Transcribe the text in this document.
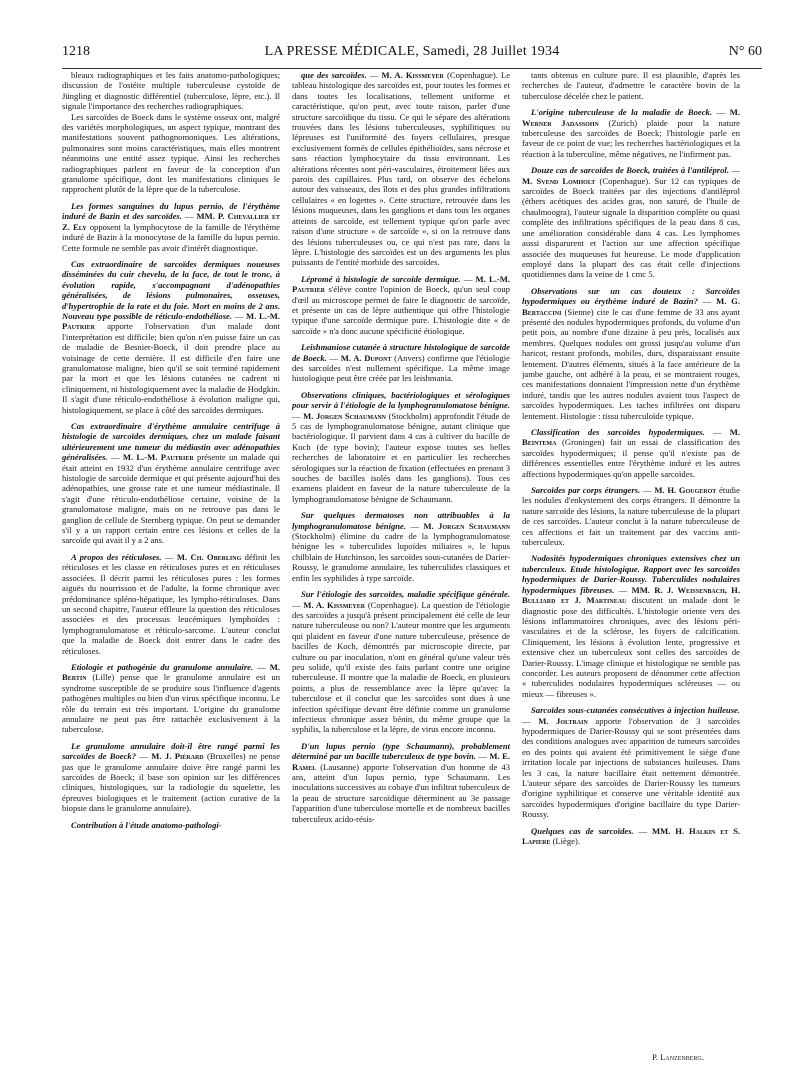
1218	LA PRESSE MÉDICALE, Samedi, 28 Juillet 1934	N° 60

bleaux radiographiques et les faits anatomo-pathologiques; discussion de l'ostéite multiple tuberculeuse cystoïde de Jüngling et diagnostic différentiel (tuberculose, lèpre, etc.). Il signale l'importance des recherches radiographiques.

Les sarcoïdes de Boeck dans le système osseux ont, malgré des variétés morphologiques, un aspect typique, montrant des manifestations souvent pathognomoniques. Les altérations, pulmonaires sont moins caractéristiques, mais elles montrent néanmoins une entité assez typique. Ainsi les recherches radiographiques parlent en faveur de la conception d'un granulome spécifique, dont les manifestations cliniques le rapprochent plutôt de la lèpre que de la tuberculose.

Les formes sanguines du lupus pernio, de l'érythème induré de Bazin et des sarcoïdes. — MM. P. Chevallier et Z. Ely opposent la lymphocytose de la famille de l'érythème induré de Bazin à la monocytose de la famille du lupus pernio. Cette formule ne semble pas avoir d'intérêt diagnostique.

Cas extraordinaire de sarcoïdes dermiques noueuses disséminées du cuir chevelu, de la face, de tout le tronc, à évolution rapide, s'accompagnant d'adénopathies généralisées, de lésions pulmonaires, osseuses, d'hypertrophie de la rate et du foie. Mort en moins de 2 ans. Nouveau type possible de réticulo-endothéliose. — M. L.-M. Pautrier apporte l'observation d'un malade dont l'interprétation est difficile; bien qu'on n'en puisse faire un cas de maladie de Besnier-Boeck, il doit prendre place au voisinage de cette dernière. Il est difficile d'en faire une granulomatose maligne, bien qu'il se soit terminé rapidement par la mort et que les lésions cutanées ne cadrent ni cliniquement, ni histologiquement avec la maladie de Hodgkin. Il s'agit d'une réticulo-endothéliose à évolution maligne qui, histologiquement, se place à côté des sarcoïdes dermiques.

Cas extraordinaire d'érythème annulaire centrifuge à histologie de sarcoïdes dermiques, chez un malade faisant ultérieurement une tumeur du médiastin avec adénopathies généralisées. — M. L.-M. Pautrier présente un malade qui était atteint en 1932 d'un érythème annulaire centrifuge avec histologie de sarcoïde dermique et qui présente aujourd'hui des adénopathies, une grosse rate et une tumeur médiastinale. Il s'agit d'une réticulo-endothéliose certaine, voisine de la granulomatose maligne, mais on ne retrouve pas dans le ganglion de cellule de Sternberg typique. On peut se demander s'il y a un rapport certain entre ces lésions et celles de la sarcoïde qui avait il y a 2 ans.

A propos des réticuloses. — M. Ch. Oberling définit les réticuloses et les classe en réticuloses pures et en réticuloses associées. Il décrit parmi les réticuloses pures : les formes aiguës du nourrisson et de l'adulte, la forme chronique avec prédominance spléno-hépatique, les lympho-réticuloses. Dans un second chapitre, l'auteur effleure la question des réticuloses associées et des processus leucémiques lymphoïdes : lymphogranulomatose et réticulo-sarcome. L'auteur conclut que la maladie de Boeck doit entrer dans le cadre des réticuloses.

Etiologie et pathogénie du granulome annulaire. — M. Bertin (Lille) pense que le granulome annulaire est un syndrome susceptible de se produire sous l'influence d'agents pathogènes multiples ou bien d'un virus spécifique inconnu. Le rôle du terrain est très important. L'origine du granulome annulaire ne peut pas être rattachée exclusivement à la tuberculose.

Le granulome annulaire doit-il être rangé parmi les sarcoïdes de Boeck? — M. J. Piérard (Bruxelles) ne pense pas que le granulome annulaire doive être rangé parmi les sarcoïdes de Boeck; il base son opinion sur les différences cliniques, histologiques, sur la radiologie du squelette, les épreuves biologiques et le traitement (action curative de la biopsie dans le granulome annulaire).

Contribution à l'étude anatomo-pathologi-

que des sarcoïdes. — M. A. Kissmeyer (Copenhague). Le tableau histologique des sarcoïdes est, pour toutes les formes et dans toutes les localisations, tellement uniforme et caractéristique, qu'on peut, avec toute raison, parler d'une structure sarcoïdique du tissu. Ce qui le sépare des altérations trouvées dans les lésions tuberculeuses, syphilitiques ou lépreuses est l'uniformité des foyers cellulaires, presque exclusivement formés de cellules épithélioïdes, sans nécrose et sans réaction lymphocytaire du tissu environnant. Les altérations récentes sont péri-vasculaires, étroitement liées aux parois des capillaires. Plus tard, on observe des échelons autour des vaisseaux, des îlots et des plus grandes infiltrations cellulaires « en logettes ». Cette structure, retrouvée dans les lésions muqueuses, dans les ganglions et dans tous les organes atteints de sarcoïde, est tellement typique qu'on parle avec raison d'une structure « de sarcoïde », si on la retrouve dans des lésions tuberculeuses ou, ce qui n'est pas rare, dans la lèpre. L'histologie des sarcoïdes est un des arguments les plus puissants de l'entité morbide des sarcoïdes.

Lépromé à histologie de sarcoïde dermique. — M. L.-M. Pautrier s'élève contre l'opinion de Boeck, qu'un seul coup d'œil au microscope permet de faire le diagnostic de sarcoïde, et présente un cas de lèpre authentique qui offre l'histologie typique d'une sarcoïde dermique pure. L'histologie dite « de sarcoïde » n'a donc aucune spécificité étiologique.

Leishmaniose cutanée à structure histologique de sarcoïde de Boeck. — M. A. Dupont (Anvers) confirme que l'étiologie des sarcoïdes n'est nullement spécifique. La même image histologique peut être créée par les leishmania.

Observations cliniques, bactériologiques et sérologiques pour servir à l'étiologie de la lymphogranulomatose bénigne. — M. Jorgen Schaumann (Stockholm) approfondit l'étude de 5 cas de lymphogranulomatose bénigne, autant clinique que bactériologique. Il parvient dans 4 cas à cultiver du bacille de Koch (de type bovin); l'auteur expose toutes ses belles recherches de laboratoire et en particulier les recherches sérologiques sur la réaction de fixation (effectuées en prenant 3 souches de bacilles isolés dans les ganglions). Tous ces examens plaident en faveur de la nature tuberculeuse de la lymphogranulomatose bénigne de Schaumann.

Sur quelques dermatoses non attribuables à la lymphogranulomatose bénigne. — M. Jorgen Schaumann (Stockholm) élimine du cadre de la lymphogranulomatose bénigne les « tuberculides lupoïdes miliaires », le lupus chilblain de Hutchinson, les sarcoïdes sous-cutanées de Darier-Roussy, le granulome annulaire, les tuberculides classiques et enfin les syphilides à type sarcoïde.

Sur l'étiologie des sarcoïdes, maladie spécifique générale. — M. A. Kissmeyer (Copenhague). La question de l'étiologie des sarcoïdes a jusqu'à présent principalement été celle de leur nature tuberculeuse ou non? L'auteur montre que les arguments qui plaident en faveur d'une nature tuberculeuse, présence de bacilles de Koch, démontrés par microscopie directe, par culture ou par inoculation, n'ont en général qu'une valeur très peu solide, qu'il existe des faits parlant contre une origine tuberculeuse. Il montre que la maladie de Boeck, en plusieurs points, a plus de ressemblance avec la lèpre qu'avec la tuberculose et il conclut que les sarcoïdes sont dues à une infection spécifique devant être définie comme un granulome infectieux chronique assez bénin, du même groupe que la syphilis, la tuberculose et la lèpre, de virus encore inconnu.

D'un lupus pernio (type Schaumann), probablement déterminé par un bacille tuberculeux de type bovin. — M. E. Ramel (Lausanne) apporte l'observation d'un homme de 43 ans, atteint d'un lupus pernio, type Schaumann. Les inoculations successives au cobaye d'un infiltrat tuberculeux de la peau de structure sarcoïdique déterminent au 3e passage l'apparition d'une tuberculose mortelle et de nombreux bacilles tuberculeux acido-résis-

tants obtenus en culture pure. Il est plausible, d'après les recherches de l'auteur, d'admettre le caractère bovin de la tuberculose décelée chez le patient.

L'origine tuberculeuse de la maladie de Boeck. — M. Werner Jadassohn (Zurich) plaide pour la nature tuberculeuse des sarcoïdes de Boeck; l'histologie parle en faveur de ce point de vue; les recherches bactériologiques et la réaction à la tuberculine, même négatives, ne l'infirment pas.

Douze cas de sarcoïdes de Boeck, traitées à l'antiléprol. — M. Svend Lomholt (Copenhague). Sur 12 cas typiques de sarcoïdes de Boeck traitées par des injections d'antiléprol (éthers acétiques des acides gras, non saturé, de l'huile de chaulmoogra), l'auteur signale la disparition complète ou quasi complète des infiltrations spécifiques de la peau dans 8 cas, une amélioration considérable dans 4 cas. Les lymphomes aussi disparurent et l'action sur une affection spécifique associée des muqueuses fut heureuse. Le mode d'application employé dans la plupart des cas était celle d'injections quotidiennes dans la veine de 1 cmc 5.

Observations sur un cas douteux : Sarcoïdes hypodermiques ou érythème induré de Bazin? — M. G. Bertaccini (Sienne) cite le cas d'une femme de 33 ans ayant présenté des nodules hypodermiques profonds, du volume d'un petit pois, au nombre d'une dizaine à peu près, localisés aux membres. Quelques nodules ont grossi jusqu'au volume d'un haricot, restant profonds, mobiles, durs, disparaissant ensuite lentement. D'autres éléments, situés à la face antérieure de la jambe gauche, ont adhéré à la peau, et se montraient rouges, ces manifestations donnaient l'impression nette d'un érythème induré, tandis que les autres nodules avaient tous l'aspect de sarcoïdes hypodermiques. Les taches infiltrées ont disparu lentement. Histologie : tissu tuberculoïde typique.

Classification des sarcoïdes hypodermiques. — M. Beintema (Groningen) fait un essai de classification des sarcoïdes hypodermiques; il pense qu'il n'existe pas de différences essentielles entre l'érythème induré et les autres affections hypodermiques qu'on appelle sarcoïdes.

Sarcoïdes par corps étrangers. — M. H. Gougerot étudie les nodules d'enkystement des corps étrangers. Il démontre la nature sarcoïde des lésions, la nature tuberculeuse de la plupart de ces sarcoïdes. L'auteur conclut à la nature tuberculeuse de ces affections et fait un traitement par des vaccins anti-tuberculeux.

Nodosités hypodermiques chroniques extensives chez un tuberculeux. Etude histologique. Rapport avec les sarcoïdes hypodermiques de Darier-Roussy. Tuberculides nodulaires hypodermiques fibreuses. — MM. R. J. Weissenbach, H. Bulliard et J. Martineau discutent un malade dont le diagnostic pose des difficultés. L'histologie oriente vers des lésions inflammatoires chroniques, avec des lésions péri-vasculaires et de la sclérose, les foyers de calcification. Cliniquement, les lésions à évolution lente, progressive et extensive chez un tuberculeux sont celles des sarcoïdes de Darier-Roussy. L'image clinique et histologique ne semble pas concorder. Les auteurs proposent de dénommer cette affection « tuberculides nodulaires hypodermiques scléreuses — ou mieux — fibreuses ».

Sarcoïdes sous-cutanées consécutives à injection huileuse. — M. Joltrain apporte l'observation de 3 sarcoïdes hypodermiques de Darier-Roussy qui se sont présentées dans des conditions analogues avec apparition de tumeurs sarcoïdes en des points qui avaient été primitivement le siège d'une irritation locale par injections de substances huileuses. Dans les 3 cas, la nature bacillaire était nettement démontrée. L'auteur sépare des sarcoïdes de Darier-Roussy les tumeurs d'origine syphilitique et conserve une véritable identité aux sarcoïdes hypodermiques d'origine bacillaire du type Darier-Roussy.

Quelques cas de sarcoïdes. — MM. H. Halkin et S. Lapiere (Liège).

P. Lanzenberg.
